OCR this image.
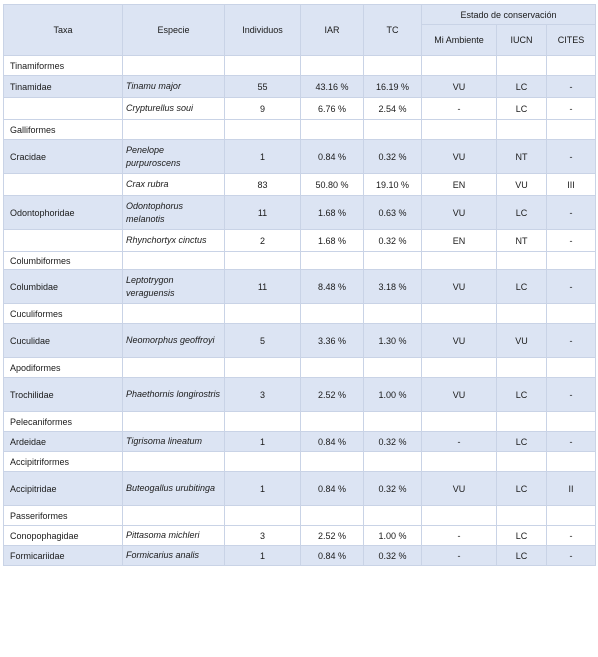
Taxa	Especie	Individuos	IAR	TC	Estado de conservación		
					Mi Ambiente	IUCN	CITES
Tinamiformes							
Tinamidae	Tinamu major	55	43.16 %	16.19 %	VU	LC	-
	Crypturellus soui	9	6.76 %	2.54 %	-	LC	-
Galliformes							
Cracidae	Penelope purpuroscens	1	0.84 %	0.32 %	VU	NT	-
	Crax rubra	83	50.80 %	19.10 %	EN	VU	III
Odontophoridae	Odontophorus melanotis	11	1.68 %	0.63 %	VU	LC	-
	Rhynchortyx cinctus	2	1.68 %	0.32 %	EN	NT	-
Columbiformes							
Columbidae	Leptotrygon veraguensis	11	8.48 %	3.18 %	VU	LC	-
Cuculiformes							
Cuculidae	Neomorphus geoffroyi	5	3.36 %	1.30 %	VU	VU	-
Apodiformes							
Trochilidae	Phaethornis longirostris	3	2.52 %	1.00 %	VU	LC	-
Pelecaniformes							
Ardeidae	Tigrisoma lineatum	1	0.84 %	0.32 %	-	LC	-
Accipitriformes							
Accipitridae	Buteogallus urubitinga	1	0.84 %	0.32 %	VU	LC	II
Passeriformes							
Conopophagidae	Pittasoma michleri	3	2.52 %	1.00 %	-	LC	-
Formicariidae	Formicarius analis	1	0.84 %	0.32 %	-	LC	-
